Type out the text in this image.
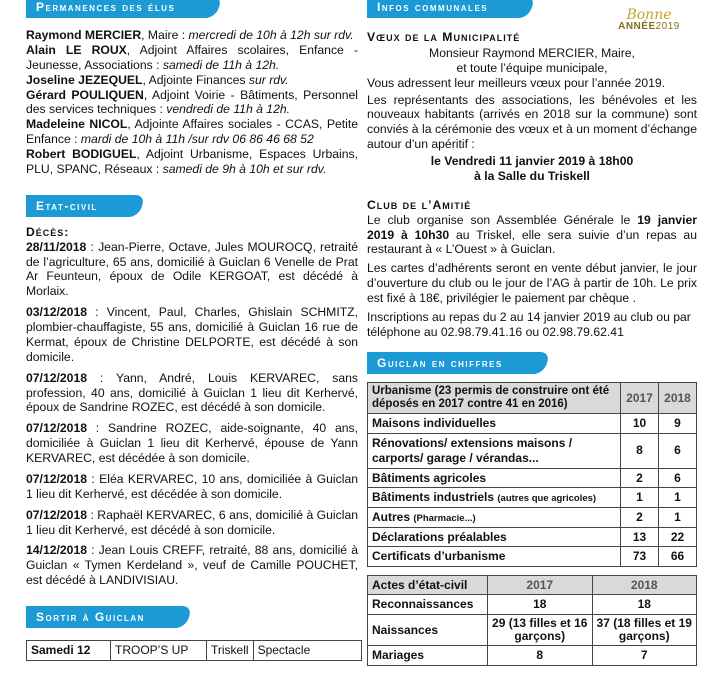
Permanences des élus

Raymond MERCIER, Maire : mercredi de 10h à 12h sur rdv.

Alain LE ROUX, Adjoint Affaires scolaires, Enfance - Jeunesse, Associations : samedi de 11h à 12h.

Joseline JEZEQUEL, Adjointe Finances sur rdv.

Gérard POULIQUEN, Adjoint Voirie - Bâtiments, Personnel des services techniques : vendredi de 11h à 12h.

Madeleine NICOL, Adjointe Affaires sociales - CCAS, Petite Enfance : mardi de 10h à 11h /sur rdv 06 86 46 68 52

Robert BODIGUEL, Adjoint Urbanisme, Espaces Urbains, PLU, SPANC, Réseaux : samedi de 9h à 10h et sur rdv.

Etat-civil
Décès:

28/11/2018 : Jean-Pierre, Octave, Jules MOUROCQ, retraité de l’agriculture, 65 ans, domicilié à Guiclan 6 Venelle de Prat Ar Feunteun, époux de Odile KERGOAT, est décédé à Morlaix.

03/12/2018 : Vincent, Paul, Charles, Ghislain SCHMITZ, plombier-chauffagiste, 55 ans, domicilié à Guiclan 16 rue de Kermat, époux de Christine DELPORTE, est décédé à son domicile.

07/12/2018 : Yann, André, Louis KERVAREC, sans profession, 40 ans, domicilié à Guiclan 1 lieu dit Kerhervé, époux de Sandrine ROZEC, est décédé à son domicile.

07/12/2018 : Sandrine ROZEC, aide-soignante, 40 ans, domiciliée à Guiclan 1 lieu dit Kerhervé, épouse de Yann KERVAREC, est décédée à son domicile.

07/12/2018 : Eléa KERVAREC, 10 ans, domiciliée à Guiclan 1 lieu dit Kerhervé, est décédée à son domicile.

07/12/2018 : Raphaël KERVAREC, 6 ans, domicilié à Guiclan 1 lieu dit Kerhervé, est décédé à son domicile.

14/12/2018 : Jean Louis CREFF, retraité, 88 ans, domicilié à Guiclan « Tymen Kerdeland », veuf de Camille POUCHET, est décédé à LANDIVISIAU.

Sortir à Guiclan
Samedi 12	TROOP’S UP	Triskell	Spectacle
Infos communales	Bonne
ANNÉE2019
Vœux de la Municipalité

Monsieur Raymond MERCIER, Maire,

et toute l’équipe municipale,

Vous adressent leur meilleurs vœux pour l’année 2019.

Les représentants des associations, les bénévoles et les nouveaux habitants (arrivés en 2018 sur la commune) sont conviés à la cérémonie des vœux et à un moment d’échange autour d’un apéritif :

le Vendredi 11 janvier 2019 à 18h00

à la Salle du Triskell

Club de l’Amitié

Le club organise son Assemblée Générale le 19 janvier 2019 à 10h30 au Triskel, elle sera suivie d’un repas au restaurant à « L’Ouest » à Guiclan.

Les cartes d’adhérents seront en vente début janvier, le jour d’ouverture du club ou le jour de l’AG à partir de 10h. Le prix est fixé à 18€, privilégier le paiement par chèque .

Inscriptions au repas du 2 au 14 janvier 2019 au club ou par téléphone au 02.98.79.41.16 ou 02.98.79.62.41

Guiclan en chiffres
Urbanisme (23 permis de construire ont été déposés en 2017 contre 41 en 2016)	2017	2018
Maisons individuelles	10	9
Rénovations/ extensions maisons / carports/ garage / vérandas...	8	6
Bâtiments agricoles	2	6
Bâtiments industriels (autres que agricoles)	1	1
Autres (Pharmacie...)	2	1
Déclarations préalables	13	22
Certificats d’urbanisme	73	66
Actes d’état-civil	2017	2018
Reconnaissances	18	18
Naissances	29 (13 filles et 16 garçons)	37 (18 filles et 19 garçons)
Mariages	8	7
